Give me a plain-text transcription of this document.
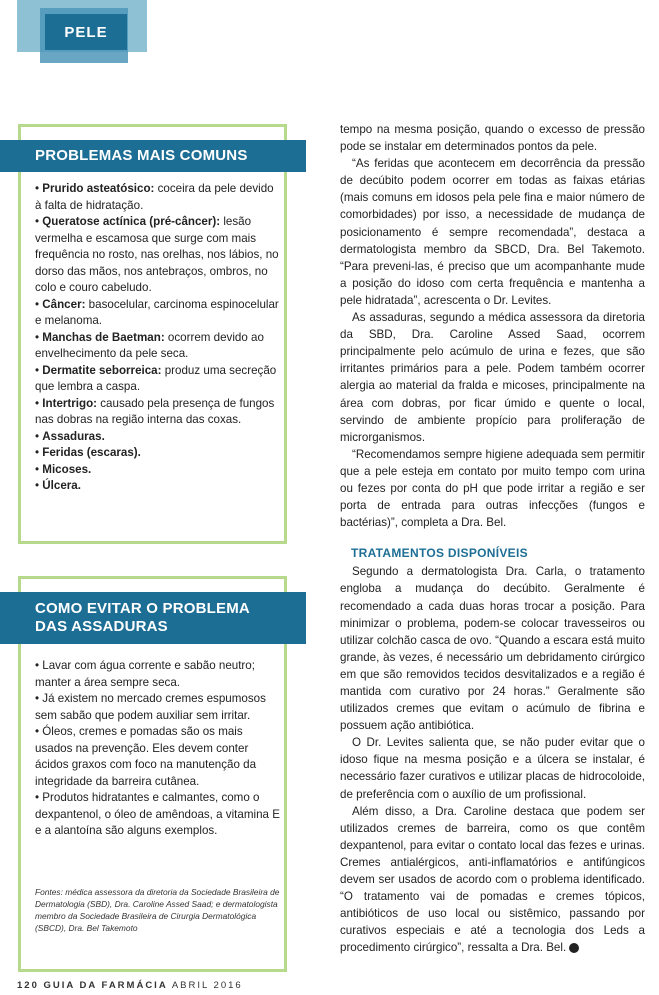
PELE
PROBLEMAS MAIS COMUNS

• Prurido asteatósico: coceira da pele devido à falta de hidratação.

• Queratose actínica (pré-câncer): lesão vermelha e escamosa que surge com mais frequência no rosto, nas orelhas, nos lábios, no dorso das mãos, nos antebraços, ombros, no colo e couro cabeludo.

• Câncer: basocelular, carcinoma espinocelular e melanoma.

• Manchas de Baetman: ocorrem devido ao envelhecimento da pele seca.

• Dermatite seborreica: produz uma secreção que lembra a caspa.

• Intertrigo: causado pela presença de fungos nas dobras na região interna das coxas.

• Assaduras.

• Feridas (escaras).

• Micoses.

• Úlcera.

COMO EVITAR O PROBLEMA
DAS ASSADURAS

• Lavar com água corrente e sabão neutro; manter a área sempre seca.

• Já existem no mercado cremes espumosos sem sabão que podem auxiliar sem irritar.

• Óleos, cremes e pomadas são os mais usados na prevenção. Eles devem conter ácidos graxos com foco na manutenção da integridade da barreira cutânea.

• Produtos hidratantes e calmantes, como o dexpantenol, o óleo de amêndoas, a vitamina E e a alantoína são alguns exemplos.

Fontes: médica assessora da diretoria da Sociedade Brasileira de Dermatologia (SBD), Dra. Caroline Assed Saad; e dermatologista membro da Sociedade Brasileira de Cirurgia Dermatológica (SBCD), Dra. Bel Takemoto

tempo na mesma posição, quando o excesso de pressão pode se instalar em determinados pontos da pele.

“As feridas que acontecem em decorrência da pressão de decúbito podem ocorrer em todas as faixas etárias (mais comuns em idosos pela pele fina e maior número de comorbidades) por isso, a necessidade de mudança de posicionamento é sempre recomendada”, destaca a dermatologista membro da SBCD, Dra. Bel Takemoto. “Para preveni-las, é preciso que um acompanhante mude a posição do idoso com certa frequência e mantenha a pele hidratada”, acrescenta o Dr. Levites.

As assaduras, segundo a médica assessora da diretoria da SBD, Dra. Caroline Assed Saad, ocorrem principalmente pelo acúmulo de urina e fezes, que são irritantes primários para a pele. Podem também ocorrer alergia ao material da fralda e micoses, principalmente na área com dobras, por ficar úmido e quente o local, servindo de ambiente propício para proliferação de microrganismos.

“Recomendamos sempre higiene adequada sem permitir que a pele esteja em contato por muito tempo com urina ou fezes por conta do pH que pode irritar a região e ser porta de entrada para outras infecções (fungos e bactérias)”, completa a Dra. Bel.

TRATAMENTOS DISPONÍVEIS

Segundo a dermatologista Dra. Carla, o tratamento engloba a mudança do decúbito. Geralmente é recomendado a cada duas horas trocar a posição. Para minimizar o problema, podem-se colocar travesseiros ou utilizar colchão casca de ovo. “Quando a escara está muito grande, às vezes, é necessário um debridamento cirúrgico em que são removidos tecidos desvitalizados e a região é mantida com curativo por 24 horas.” Geralmente são utilizados cremes que evitam o acúmulo de fibrina e possuem ação antibiótica.

O Dr. Levites salienta que, se não puder evitar que o idoso fique na mesma posição e a úlcera se instalar, é necessário fazer curativos e utilizar placas de hidrocoloide, de preferência com o auxílio de um profissional.

Além disso, a Dra. Caroline destaca que podem ser utilizados cremes de barreira, como os que contêm dexpantenol, para evitar o contato local das fezes e urinas. Cremes antialérgicos, anti-inflamatórios e antifúngicos devem ser usados de acordo com o problema identificado. “O tratamento vai de pomadas e cremes tópicos, antibióticos de uso local ou sistêmico, passando por curativos especiais e até a tecnologia dos Leds a procedimento cirúrgico”, ressalta a Dra. Bel. ✚

120 GUIA DA FARMÁCIA ABRIL 2016
